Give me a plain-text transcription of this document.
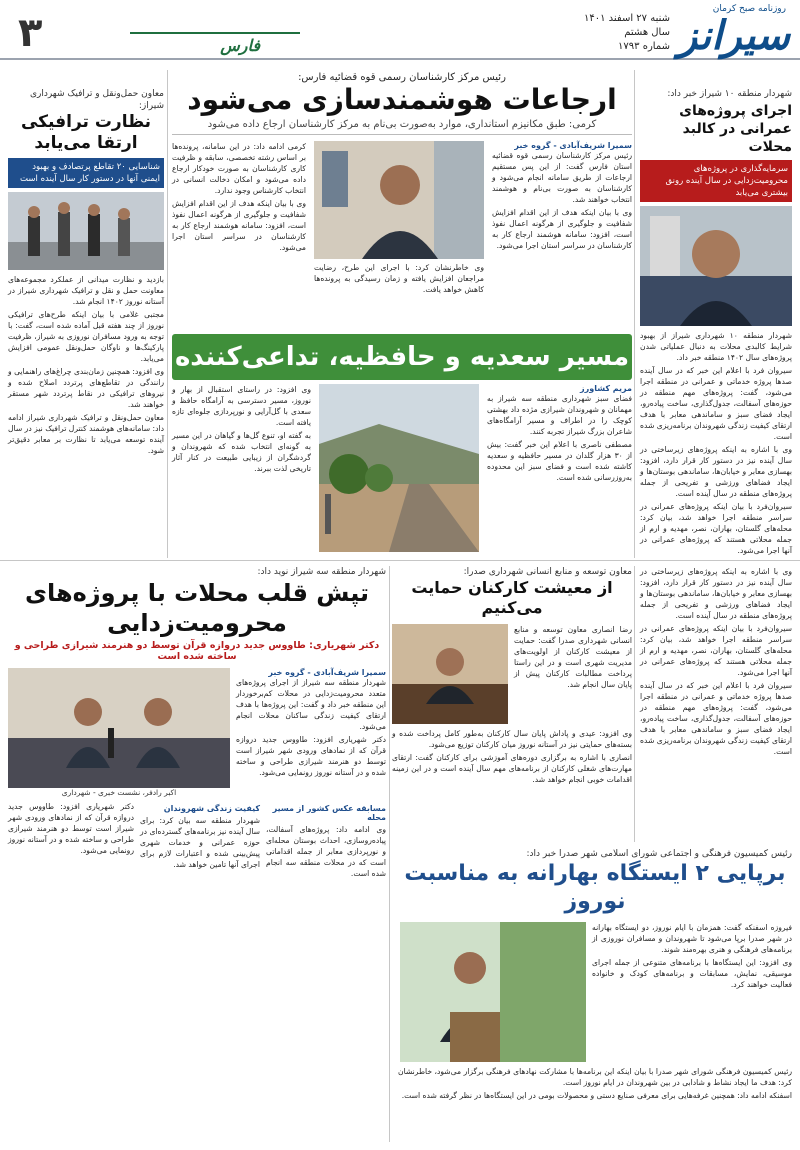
روزنامه صبح کرمان
سیرانز
شنبه ۲۷ اسفند ۱۴۰۱
سال هشتم
شماره ۱۷۹۳
فارس
۳
شهردار منطقه ۱۰ شیراز خبر داد:
اجرای پروژه‌های عمرانی در کالبد محلات
سرمایه‌گذاری در پروژه‌های محرومیت‌زدایی در سال آینده رونق بیشتری می‌یابد

شهردار منطقه ۱۰ شهرداری شیراز از بهبود شرایط کالبدی محلات به دنبال عملیاتی شدن پروژه‌های سال ۱۴۰۲ منطقه خبر داد.

سیروان فرد با اعلام این خبر که در سال آینده صدها پروژه خدماتی و عمرانی در منطقه اجرا می‌شود، گفت: پروژه‌های مهم منطقه در حوزه‌های آسفالت، جدول‌گذاری، ساخت پیاده‌رو، ایجاد فضای سبز و ساماندهی معابر با هدف ارتقای کیفیت زندگی شهروندان برنامه‌ریزی شده است.

وی با اشاره به اینکه پروژه‌های زیرساختی در سال آینده نیز در دستور کار قرار دارد، افزود: بهسازی معابر و خیابان‌ها، ساماندهی بوستان‌ها و ایجاد فضاهای ورزشی و تفریحی از جمله پروژه‌های منطقه در سال آینده است.

سیروان‌فرد با بیان اینکه پروژه‌های عمرانی در سراسر منطقه اجرا خواهد شد، بیان کرد: محله‌های گلستان، بهاران، نصر، مهدیه و ارم از جمله محلاتی هستند که پروژه‌های عمرانی در آنها اجرا می‌شود.

معاون حمل‌ونقل و ترافیک شهرداری شیراز:
نظارت ترافیکی ارتقا می‌یابد
شناسایی ۲۰ تقاطع پرتصادف و بهبود ایمنی آنها در دستور کار سال آینده است

بازدید و نظارت میدانی از عملکرد مجموعه‌های معاونت حمل و نقل و ترافیک شهرداری شیراز در آستانه نوروز ۱۴۰۲ انجام شد.

مجتبی غلامی با بیان اینکه طرح‌های ترافیکی نوروز از چند هفته قبل آماده شده است، گفت: با توجه به ورود مسافران نوروزی به شیراز، ظرفیت پارکینگ‌ها و ناوگان حمل‌ونقل عمومی افزایش می‌یابد.

وی افزود: همچنین زمان‌بندی چراغ‌های راهنمایی و رانندگی در تقاطع‌های پرتردد اصلاح شده و نیروهای ترافیکی در نقاط پرتردد شهر مستقر خواهند شد.

معاون حمل‌ونقل و ترافیک شهرداری شیراز ادامه داد: سامانه‌های هوشمند کنترل ترافیک نیز در سال آینده توسعه می‌یابد تا نظارت بر معابر دقیق‌تر شود.

رئیس مرکز کارشناسان رسمی قوه قضائیه فارس:
ارجاعات هوشمندسازی می‌شود
کرمی: طبق مکانیزم استانداری، موارد به‌صورت بی‌نام به مرکز کارشناسان ارجاع داده می‌شود
سمیرا شریف‌آبادی - گروه خبر

رئیس مرکز کارشناسان رسمی قوه قضائیه استان فارس گفت: از این پس مستقیم ارجاعات از طریق سامانه انجام می‌شود و کارشناسان به صورت بی‌نام و هوشمند انتخاب خواهند شد.

وی با بیان اینکه هدف از این اقدام افزایش شفافیت و جلوگیری از هرگونه اعمال نفوذ است، افزود: سامانه هوشمند ارجاع کار به کارشناسان در سراسر استان اجرا می‌شود.

وی خاطرنشان کرد: با اجرای این طرح، رضایت مراجعان افزایش یافته و زمان رسیدگی به پرونده‌ها کاهش خواهد یافت.

کرمی ادامه داد: در این سامانه، پرونده‌ها بر اساس رشته تخصصی، سابقه و ظرفیت کاری کارشناسان به صورت خودکار ارجاع داده می‌شود و امکان دخالت انسانی در انتخاب کارشناس وجود ندارد.

وی با بیان اینکه هدف از این اقدام افزایش شفافیت و جلوگیری از هرگونه اعمال نفوذ است، افزود: سامانه هوشمند ارجاع کار به کارشناسان در سراسر استان اجرا می‌شود.

مسیر سعدیه و حافظیه، تداعی‌کننده
مریم کشاورز

فضای سبز شهرداری منطقه سه شیراز به مهمانان و شهروندان شیرازی مژده داد بهشتی کوچک را در اطراف و مسیر آرامگاه‌های شاعران بزرگ شیراز تجربه کنند.

مصطفی ناصری با اعلام این خبر گفت: بیش از ۳۰ هزار گلدان در مسیر حافظیه و سعدیه کاشته شده است و فضای سبز این محدوده به‌روزرسانی شده است.

وی افزود: در راستای استقبال از بهار و نوروز، مسیر دسترسی به آرامگاه حافظ و سعدی با گل‌آرایی و نورپردازی جلوه‌ای تازه یافته است.

به گفته او، تنوع گل‌ها و گیاهان در این مسیر به گونه‌ای انتخاب شده که شهروندان و گردشگران از زیبایی طبیعت در کنار آثار تاریخی لذت ببرند.

شهردار منطقه سه شیراز نوید داد:
تپش قلب محلات با پروژه‌های محرومیت‌زدایی
دکتر شهریاری: طاووس جدید دروازه قرآن توسط دو هنرمند شیرازی طراحی و ساخته شده است
سمیرا شریف‌آبادی - گروه خبر

شهردار منطقه سه شیراز از اجرای پروژه‌های متعدد محرومیت‌زدایی در محلات کم‌برخوردار این منطقه خبر داد و گفت: این پروژه‌ها با هدف ارتقای کیفیت زندگی ساکنان محلات انجام می‌شود.

دکتر شهریاری افزود: طاووس جدید دروازه قرآن که از نمادهای ورودی شهر شیراز است توسط دو هنرمند شیرازی طراحی و ساخته شده و در آستانه نوروز رونمایی می‌شود.

اکبر رادفر، نشست خبری - شهرداری
مسابقه عکس کشور از مسیر محله

وی ادامه داد: پروژه‌های آسفالت، پیاده‌روسازی، احداث بوستان محله‌ای و نورپردازی معابر از جمله اقداماتی است که در محلات منطقه سه انجام شده است.

کیفیت زندگی شهروندان

شهردار منطقه سه بیان کرد: برای سال آینده نیز برنامه‌های گسترده‌ای در حوزه عمرانی و خدمات شهری پیش‌بینی شده و اعتبارات لازم برای اجرای آنها تامین خواهد شد.

دکتر شهریاری افزود: طاووس جدید دروازه قرآن که از نمادهای ورودی شهر شیراز است توسط دو هنرمند شیرازی طراحی و ساخته شده و در آستانه نوروز رونمایی می‌شود.

معاون توسعه و منابع انسانی شهرداری صدرا:
از معیشت کارکنان حمایت می‌کنیم

رضا انصاری معاون توسعه و منابع انسانی شهرداری صدرا گفت: حمایت از معیشت کارکنان از اولویت‌های مدیریت شهری است و در این راستا پرداخت مطالبات کارکنان پیش از پایان سال انجام شد.

وی افزود: عیدی و پاداش پایان سال کارکنان به‌طور کامل پرداخت شده و بسته‌های حمایتی نیز در آستانه نوروز میان کارکنان توزیع می‌شود.

انصاری با اشاره به برگزاری دوره‌های آموزشی برای کارکنان گفت: ارتقای مهارت‌های شغلی کارکنان از برنامه‌های مهم سال آینده است و در این زمینه اقدامات خوبی انجام خواهد شد.

وی با اشاره به اینکه پروژه‌های زیرساختی در سال آینده نیز در دستور کار قرار دارد، افزود: بهسازی معابر و خیابان‌ها، ساماندهی بوستان‌ها و ایجاد فضاهای ورزشی و تفریحی از جمله پروژه‌های منطقه در سال آینده است.

سیروان‌فرد با بیان اینکه پروژه‌های عمرانی در سراسر منطقه اجرا خواهد شد، بیان کرد: محله‌های گلستان، بهاران، نصر، مهدیه و ارم از جمله محلاتی هستند که پروژه‌های عمرانی در آنها اجرا می‌شود.

سیروان فرد با اعلام این خبر که در سال آینده صدها پروژه خدماتی و عمرانی در منطقه اجرا می‌شود، گفت: پروژه‌های مهم منطقه در حوزه‌های آسفالت، جدول‌گذاری، ساخت پیاده‌رو، ایجاد فضای سبز و ساماندهی معابر با هدف ارتقای کیفیت زندگی شهروندان برنامه‌ریزی شده است.

رئیس کمیسیون فرهنگی و اجتماعی شورای اسلامی شهر صدرا خبر داد:
برپایی ۲ ایستگاه بهارانه به مناسبت نوروز

فیروزه اسفنکه گفت: همزمان با ایام نوروز، دو ایستگاه بهارانه در شهر صدرا برپا می‌شود تا شهروندان و مسافران نوروزی از برنامه‌های فرهنگی و هنری بهره‌مند شوند.

وی افزود: این ایستگاه‌ها با برنامه‌های متنوعی از جمله اجرای موسیقی، نمایش، مسابقات و برنامه‌های کودک و خانواده فعالیت خواهند کرد.

رئیس کمیسیون فرهنگی شورای شهر صدرا با بیان اینکه این برنامه‌ها با مشارکت نهادهای فرهنگی برگزار می‌شود، خاطرنشان کرد: هدف ما ایجاد نشاط و شادابی در بین شهروندان در ایام نوروز است.

اسفنکه ادامه داد: همچنین غرفه‌هایی برای معرفی صنایع دستی و محصولات بومی در این ایستگاه‌ها در نظر گرفته شده است.
